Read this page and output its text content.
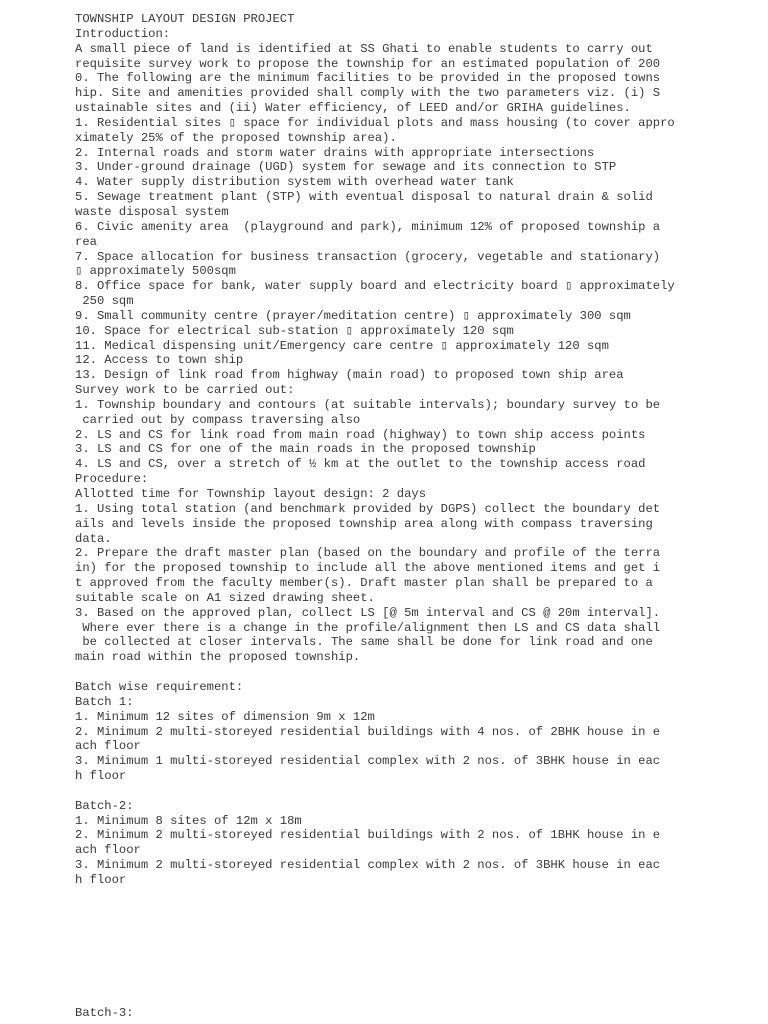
TOWNSHIP LAYOUT DESIGN PROJECT
Introduction:
A small piece of land is identified at SS Ghati to enable students to carry out
requisite survey work to propose the township for an estimated population of 200
0. The following are the minimum facilities to be provided in the proposed towns
hip. Site and amenities provided shall comply with the two parameters viz. (i) S
ustainable sites and (ii) Water efficiency, of LEED and/or GRIHA guidelines.
1. Residential sites ▯ space for individual plots and mass housing (to cover appro
ximately 25% of the proposed township area).
2. Internal roads and storm water drains with appropriate intersections
3. Under-ground drainage (UGD) system for sewage and its connection to STP
4. Water supply distribution system with overhead water tank
5. Sewage treatment plant (STP) with eventual disposal to natural drain & solid
waste disposal system
6. Civic amenity area  (playground and park), minimum 12% of proposed township a
rea
7. Space allocation for business transaction (grocery, vegetable and stationary)
▯ approximately 500sqm
8. Office space for bank, water supply board and electricity board ▯ approximately
250 sqm
9. Small community centre (prayer/meditation centre) ▯ approximately 300 sqm
10. Space for electrical sub-station ▯ approximately 120 sqm
11. Medical dispensing unit/Emergency care centre ▯ approximately 120 sqm
12. Access to town ship
13. Design of link road from highway (main road) to proposed town ship area
Survey work to be carried out:
1. Township boundary and contours (at suitable intervals); boundary survey to be
carried out by compass traversing also
2. LS and CS for link road from main road (highway) to town ship access points
3. LS and CS for one of the main roads in the proposed township
4. LS and CS, over a stretch of ½ km at the outlet to the township access road
Procedure:
Allotted time for Township layout design: 2 days
1. Using total station (and benchmark provided by DGPS) collect the boundary det
ails and levels inside the proposed township area along with compass traversing
data.
2. Prepare the draft master plan (based on the boundary and profile of the terra
in) for the proposed township to include all the above mentioned items and get i
t approved from the faculty member(s). Draft master plan shall be prepared to a
suitable scale on A1 sized drawing sheet.
3. Based on the approved plan, collect LS [@ 5m interval and CS @ 20m interval].
Where ever there is a change in the profile/alignment then LS and CS data shall
be collected at closer intervals. The same shall be done for link road and one
main road within the proposed township.
Batch wise requirement:
Batch 1:
1. Minimum 12 sites of dimension 9m x 12m
2. Minimum 2 multi-storeyed residential buildings with 4 nos. of 2BHK house in e
ach floor
3. Minimum 1 multi-storeyed residential complex with 2 nos. of 3BHK house in eac
h floor
Batch-2:
1. Minimum 8 sites of 12m x 18m
2. Minimum 2 multi-storeyed residential buildings with 2 nos. of 1BHK house in e
ach floor
3. Minimum 2 multi-storeyed residential complex with 2 nos. of 3BHK house in eac
h floor
Batch-3:
